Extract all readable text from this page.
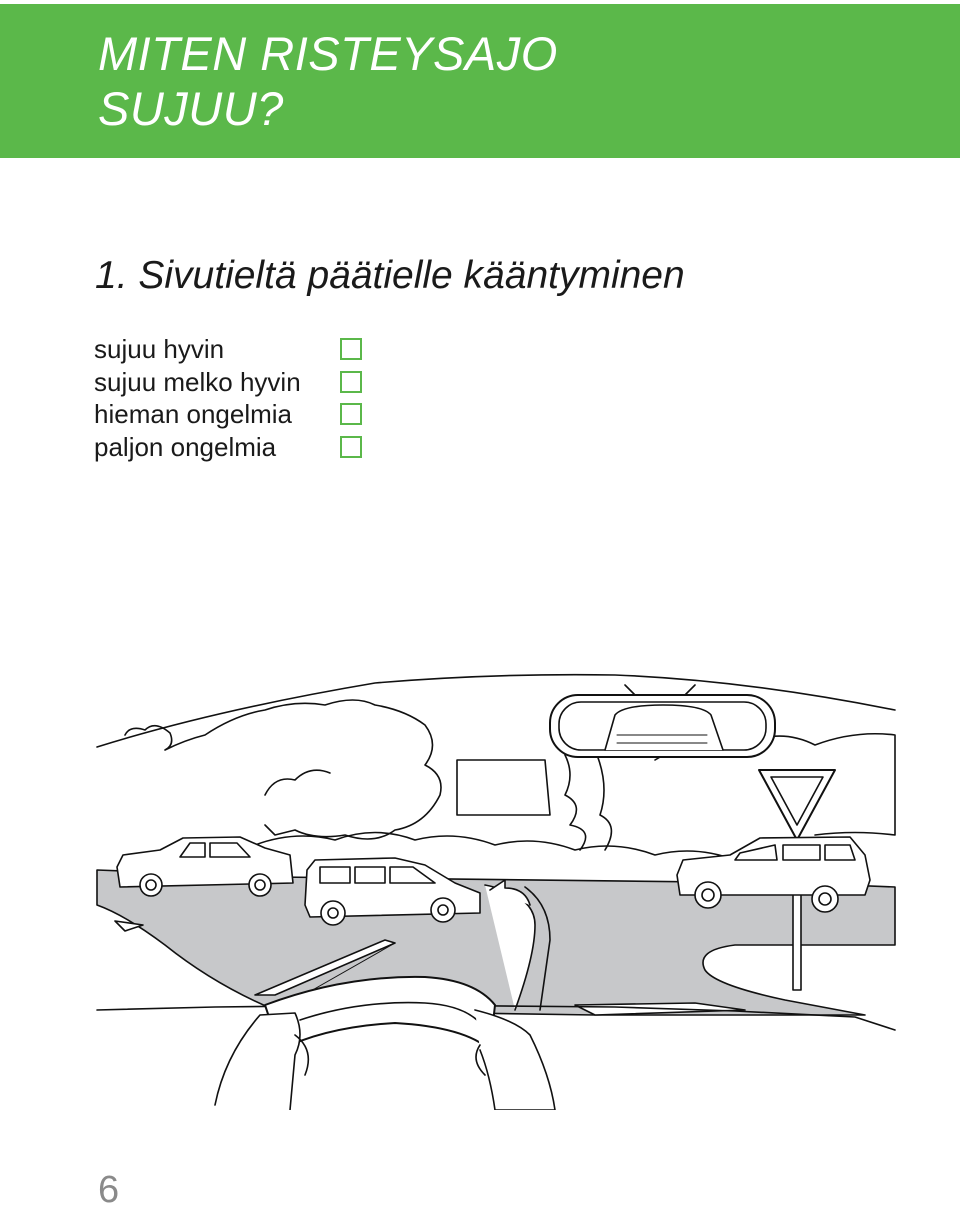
MITEN RISTEYSAJO
SUJUU?
1. Sivutieltä päätielle kääntyminen
sujuu hyvin
sujuu melko hyvin
hieman ongelmia
paljon ongelmia

6
